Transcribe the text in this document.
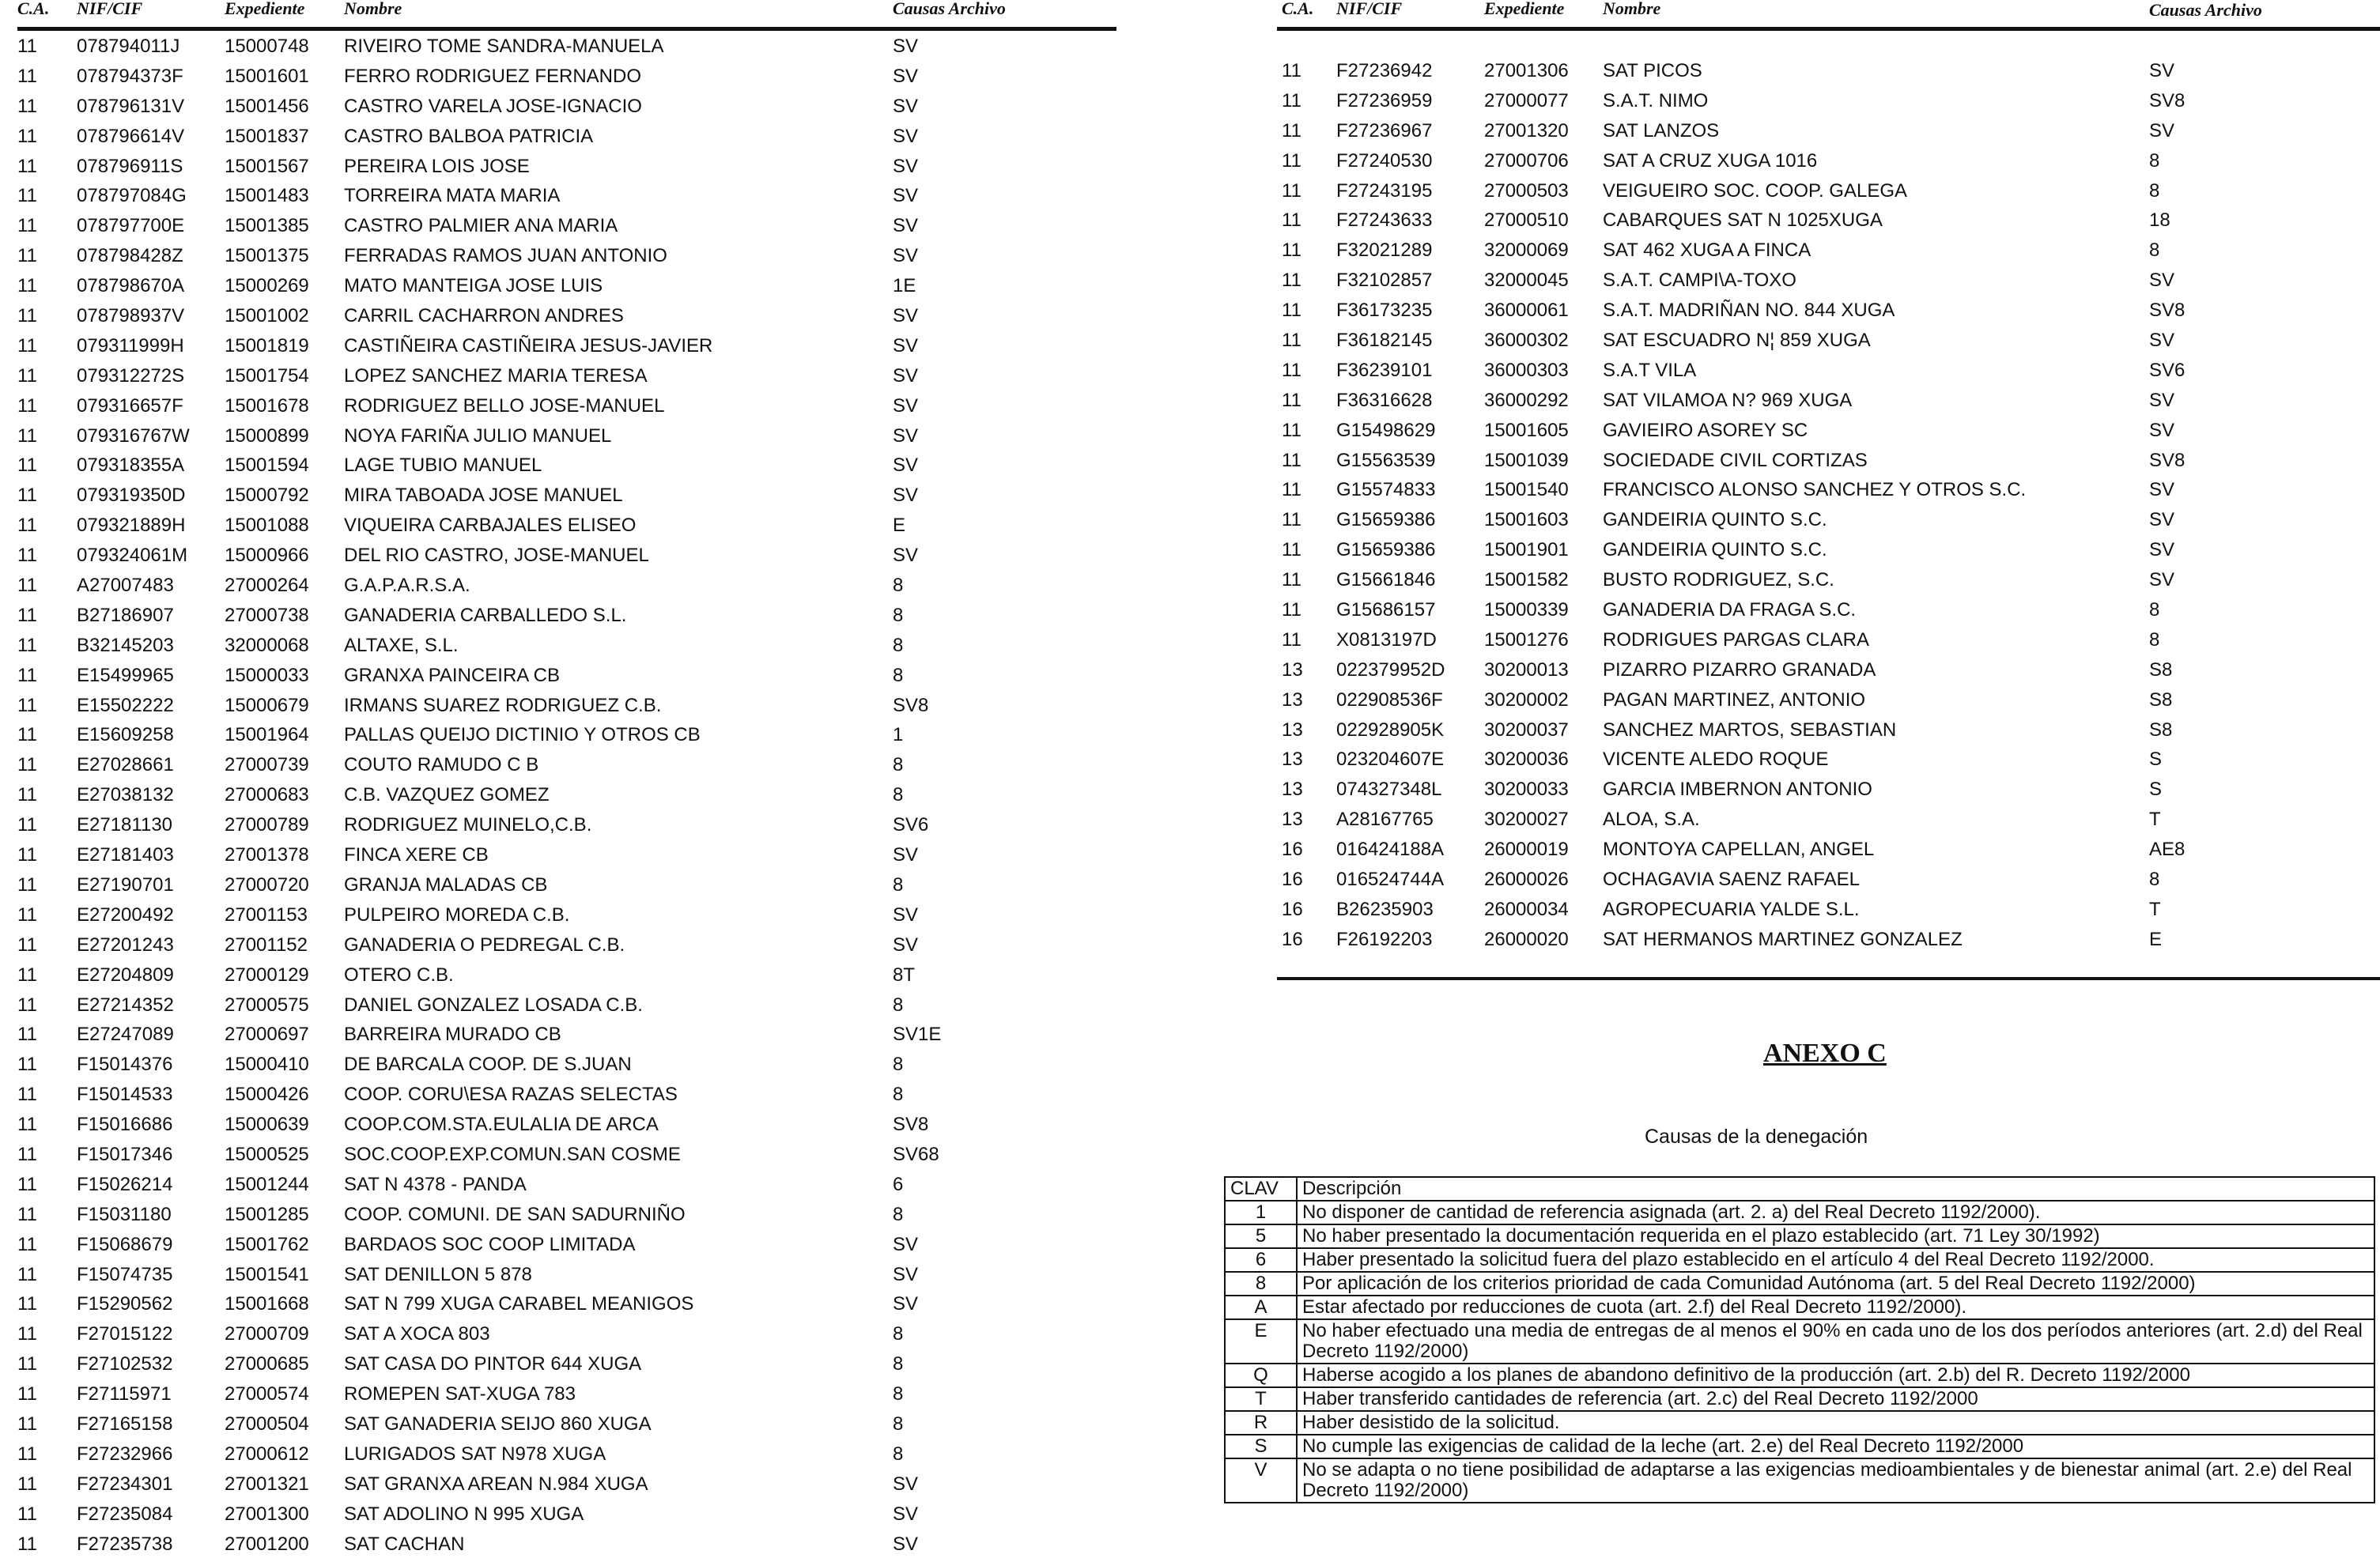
C.A. NIF/CIF	Expediente Nombre	Causas Archivo
11 078794011J 15000748 RIVEIRO TOME SANDRA-MANUELA	SV
11 078794373F 15001601 FERRO RODRIGUEZ FERNANDO	SV
11 078796131V 15001456 CASTRO VARELA JOSE-IGNACIO	SV
11 078796614V 15001837 CASTRO BALBOA PATRICIA	SV
11 078796911S 15001567 PEREIRA LOIS JOSE	SV
11 078797084G 15001483 TORREIRA MATA MARIA	SV
11 078797700E 15001385 CASTRO PALMIER ANA MARIA	SV
11 078798428Z 15001375 FERRADAS RAMOS JUAN ANTONIO	SV
11 078798670A 15000269 MATO MANTEIGA JOSE LUIS	1E
11 078798937V 15001002 CARRIL CACHARRON ANDRES	SV
11 079311999H 15001819 CASTIÑEIRA CASTIÑEIRA JESUS-JAVIER	SV
11 079312272S 15001754 LOPEZ SANCHEZ MARIA TERESA	SV
11 079316657F 15001678 RODRIGUEZ BELLO JOSE-MANUEL	SV
11 079316767W 15000899 NOYA FARIÑA JULIO MANUEL	SV
11 079318355A 15001594 LAGE TUBIO MANUEL	SV
11 079319350D 15000792 MIRA TABOADA JOSE MANUEL	SV
11 079321889H 15001088 VIQUEIRA CARBAJALES ELISEO	E
11 079324061M 15000966 DEL RIO CASTRO, JOSE-MANUEL	SV
11 A27007483	27000264 G.A.P.A.R.S.A.	8
11 B27186907	27000738 GANADERIA CARBALLEDO S.L.	8
11 B32145203	32000068 ALTAXE, S.L.	8
11 E15499965	15000033 GRANXA PAINCEIRA CB	8
11 E15502222	15000679 IRMANS SUAREZ RODRIGUEZ C.B.	SV8
11 E15609258	15001964 PALLAS QUEIJO DICTINIO Y OTROS CB	1
11 E27028661	27000739 COUTO RAMUDO C B	8
11 E27038132	27000683 C.B. VAZQUEZ GOMEZ	8
11 E27181130	27000789 RODRIGUEZ MUINELO,C.B.	SV6
11 E27181403	27001378 FINCA XERE CB	SV
11 E27190701	27000720 GRANJA MALADAS CB	8
11 E27200492	27001153 PULPEIRO MOREDA C.B.	SV
11 E27201243	27001152 GANADERIA O PEDREGAL C.B.	SV
11 E27204809	27000129 OTERO C.B.	8T
11 E27214352	27000575 DANIEL GONZALEZ LOSADA C.B.	8
11 E27247089	27000697 BARREIRA MURADO CB	SV1E
11 F15014376	15000410 DE BARCALA COOP. DE S.JUAN	8
11 F15014533	15000426 COOP. CORU\ESA RAZAS SELECTAS	8
11 F15016686	15000639 COOP.COM.STA.EULALIA DE ARCA	SV8
11 F15017346	15000525 SOC.COOP.EXP.COMUN.SAN COSME	SV68
11 F15026214	15001244 SAT N 4378 - PANDA	6
11 F15031180	15001285 COOP. COMUNI. DE SAN SADURNIÑO	8
11 F15068679	15001762 BARDAOS SOC COOP LIMITADA	SV
11 F15074735	15001541 SAT DENILLON 5 878	SV
11 F15290562	15001668 SAT N 799 XUGA CARABEL MEANIGOS	SV
11 F27015122	27000709 SAT A XOCA 803	8
11 F27102532	27000685 SAT CASA DO PINTOR 644 XUGA	8
11 F27115971	27000574 ROMEPEN SAT-XUGA 783	8
11 F27165158	27000504 SAT GANADERIA SEIJO 860 XUGA	8
11 F27232966	27000612 LURIGADOS SAT N978 XUGA	8
11 F27234301	27001321 SAT GRANXA AREAN N.984 XUGA	SV
11 F27235084	27001300 SAT ADOLINO N 995 XUGA	SV
11 F27235738	27001200 SAT CACHAN	SV
C.A. NIF/CIF	Expediente Nombre	Causas Archivo
11 F27236942	27001306 SAT PICOS	SV
11 F27236959	27000077 S.A.T. NIMO	SV8
11 F27236967	27001320 SAT LANZOS	SV
11 F27240530	27000706 SAT A CRUZ XUGA 1016	8
11 F27243195	27000503 VEIGUEIRO SOC. COOP. GALEGA	8
11 F27243633	27000510 CABARQUES SAT N 1025XUGA	18
11 F32021289	32000069 SAT 462 XUGA A FINCA	8
11 F32102857	32000045 S.A.T. CAMPI\A-TOXO	SV
11 F36173235	36000061 S.A.T. MADRIÑAN NO. 844 XUGA	SV8
11 F36182145	36000302 SAT ESCUADRO N¦ 859 XUGA	SV
11 F36239101	36000303 S.A.T VILA	SV6
11 F36316628	36000292 SAT VILAMOA N? 969 XUGA	SV
11 G15498629	15001605 GAVIEIRO ASOREY SC	SV
11 G15563539	15001039 SOCIEDADE CIVIL CORTIZAS	SV8
11 G15574833	15001540 FRANCISCO ALONSO SANCHEZ Y OTROS S.C.	SV
11 G15659386	15001603 GANDEIRIA QUINTO S.C.	SV
11 G15659386	15001901 GANDEIRIA QUINTO S.C.	SV
11 G15661846	15001582 BUSTO RODRIGUEZ, S.C.	SV
11 G15686157	15000339 GANADERIA DA FRAGA S.C.	8
11 X0813197D	15001276 RODRIGUES PARGAS CLARA	8
13 022379952D 30200013 PIZARRO PIZARRO GRANADA	S8
13 022908536F 30200002 PAGAN MARTINEZ, ANTONIO	S8
13 022928905K 30200037 SANCHEZ MARTOS, SEBASTIAN	S8
13 023204607E 30200036 VICENTE ALEDO ROQUE	S
13 074327348L 30200033 GARCIA IMBERNON ANTONIO	S
13 A28167765	30200027 ALOA, S.A.	T
16 016424188A 26000019 MONTOYA CAPELLAN, ANGEL	AE8
16 016524744A 26000026 OCHAGAVIA SAENZ RAFAEL	8
16 B26235903	26000034 AGROPECUARIA YALDE S.L.	T
16 F26192203	26000020 SAT HERMANOS MARTINEZ GONZALEZ	E
ANEXO C
Causas de la denegación
CLAV	Descripción
1	No disponer de cantidad de referencia asignada (art. 2. a) del Real Decreto 1192/2000).
5	No haber presentado la documentación requerida en el plazo establecido (art. 71 Ley 30/1992)
6	Haber presentado la solicitud fuera del plazo establecido en el artículo 4 del Real Decreto 1192/2000.
8	Por aplicación de los criterios prioridad de cada Comunidad Autónoma (art. 5 del Real Decreto 1192/2000)
A	Estar afectado por reducciones de cuota (art. 2.f) del Real Decreto 1192/2000).
E	No haber efectuado una media de entregas de al menos el 90% en cada uno de los dos períodos anteriores (art. 2.d) del Real Decreto 1192/2000)
Q	Haberse acogido a los planes de abandono definitivo de la producción (art. 2.b) del R. Decreto 1192/2000
T	Haber transferido cantidades de referencia (art. 2.c) del Real Decreto 1192/2000
R	Haber desistido de la solicitud.
S	No cumple las exigencias de calidad de la leche (art. 2.e) del Real Decreto 1192/2000
V	No se adapta o no tiene posibilidad de adaptarse a las exigencias medioambientales y de bienestar animal (art. 2.e) del Real Decreto 1192/2000)
